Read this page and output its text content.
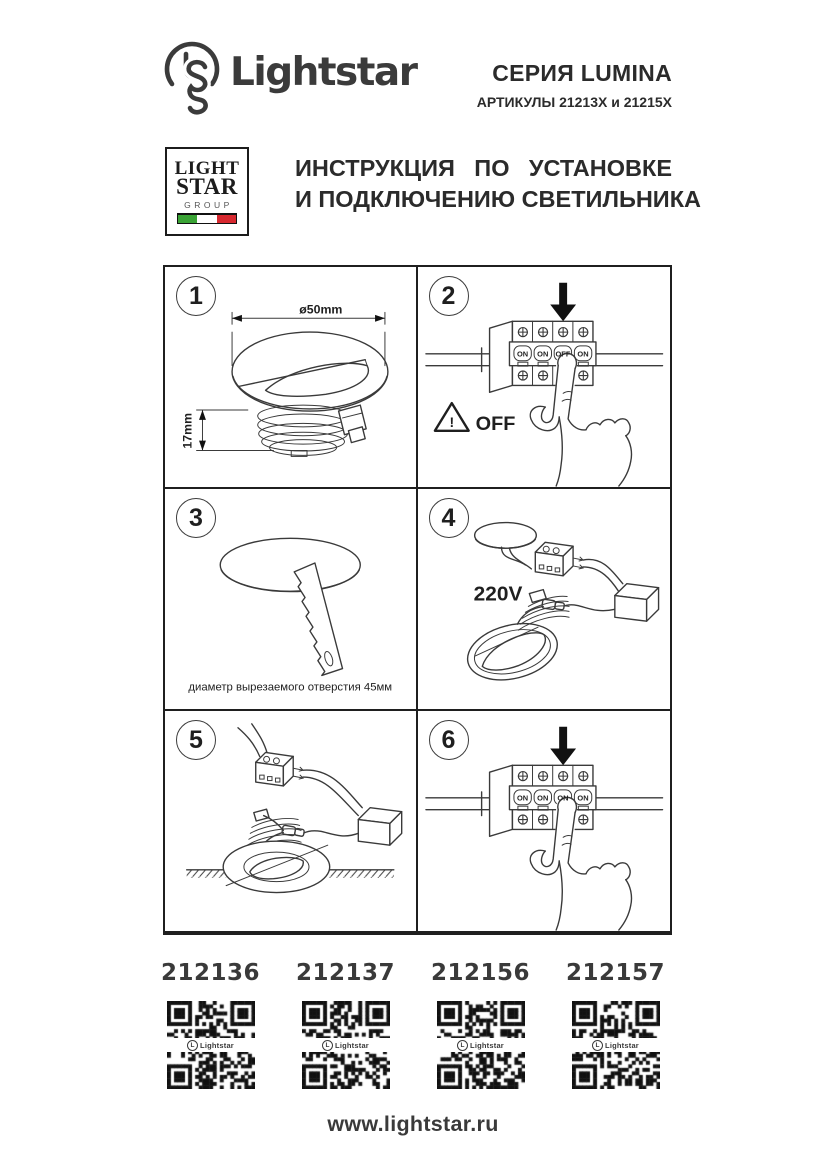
Lightstar	СЕРИЯ LUMINA
АРТИКУЛЫ 21213X и 21215X
LIGHT
STAR
GROUP
ИНСТРУКЦИЯ ПО УСТАНОВКЕ
И ПОДКЛЮЧЕНИЮ СВЕТИЛЬНИКА
1	ø50mm
17mm
2
ON ON OFF ON
! OFF
3
диаметр вырезаемого отверстия 45мм
4
220V
5	6
ON ON ON ON
212136
L Lightstar
212137
L Lightstar
212156
L Lightstar
212157
L Lightstar
www.lightstar.ru
